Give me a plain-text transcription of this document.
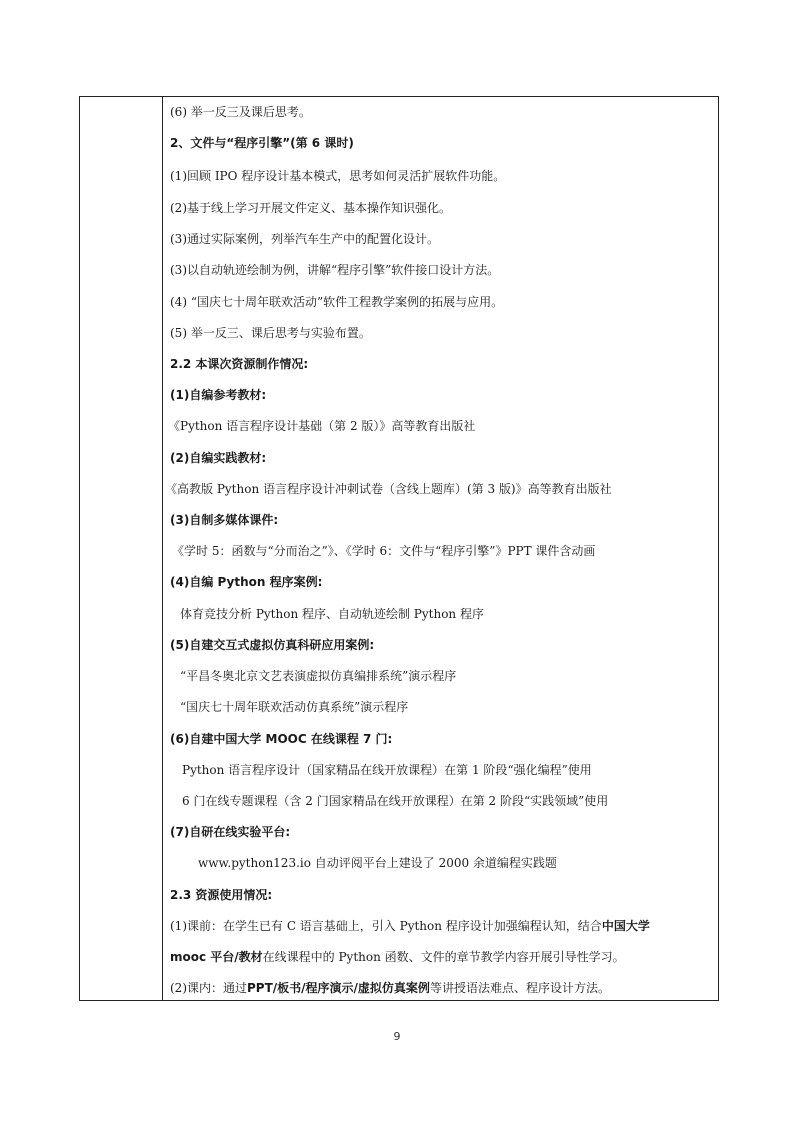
(6) 举一反三及课后思考。
2、文件与“程序引擎”(第 6 课时)
(1)回顾 IPO 程序设计基本模式，思考如何灵活扩展软件功能。
(2)基于线上学习开展文件定义、基本操作知识强化。
(3)通过实际案例，列举汽车生产中的配置化设计。
(3)以自动轨迹绘制为例，讲解“程序引擎”软件接口设计方法。
(4) “国庆七十周年联欢活动”软件工程教学案例的拓展与应用。
(5) 举一反三、课后思考与实验布置。
2.2 本课次资源制作情况:
(1)自编参考教材:
《Python 语言程序设计基础（第 2 版）》高等教育出版社
(2)自编实践教材:
《高教版 Python 语言程序设计冲刺试卷（含线上题库）(第 3 版)》高等教育出版社
(3)自制多媒体课件:
《学时 5：函数与“分而治之”》、《学时 6：文件与“程序引擎”》PPT 课件含动画
(4)自编 Python 程序案例:
体育竞技分析 Python 程序、自动轨迹绘制 Python 程序
(5)自建交互式虚拟仿真科研应用案例:
“平昌冬奥北京文艺表演虚拟仿真编排系统”演示程序
“国庆七十周年联欢活动仿真系统”演示程序
(6)自建中国大学 MOOC 在线课程 7 门:
Python 语言程序设计（国家精品在线开放课程）在第 1 阶段“强化编程”使用
6 门在线专题课程（含 2 门国家精品在线开放课程）在第 2 阶段“实践领域”使用
(7)自研在线实验平台:
www.python123.io 自动评阅平台上建设了 2000 余道编程实践题
2.3 资源使用情况:
(1)课前：在学生已有 C 语言基础上，引入 Python 程序设计加强编程认知，结合中国大学
mooc 平台/教材在线课程中的 Python 函数、文件的章节教学内容开展引导性学习。
(2)课内：通过PPT/板书/程序演示/虚拟仿真案例等讲授语法难点、程序设计方法。
9
